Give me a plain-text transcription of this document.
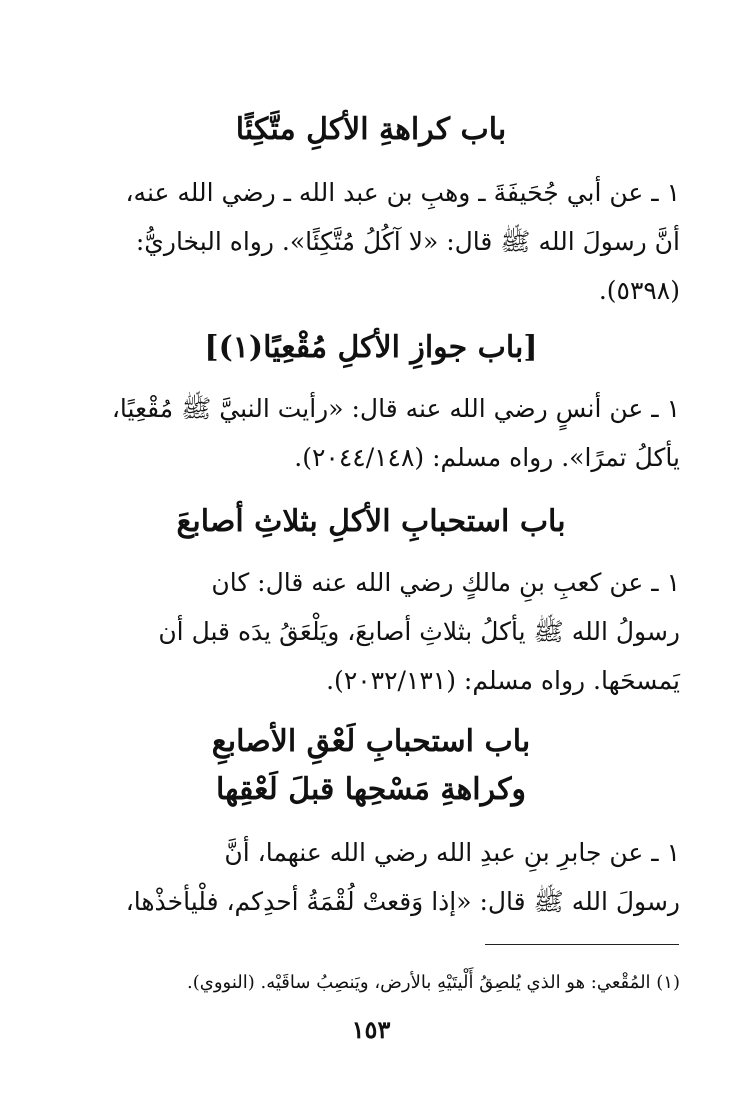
باب كراهةِ الأكلِ متَّكِئًا

١ ـ عن أبي جُحَيفَةَ ـ وهبِ بن عبد الله ـ رضي الله عنه،

أنَّ رسولَ الله ﷺ قال: «لا آكُلُ مُتَّكِئًا». رواه البخاريُّ:

(٥٣٩٨).

[باب جوازِ الأكلِ مُقْعِيًا(١)]

١ ـ عن أنسٍ رضي الله عنه قال: «رأيت النبيَّ ﷺ مُقْعِيًا،

يأكلُ تمرًا». رواه مسلم: (٢٠٤٤/١٤٨).

باب استحبابِ الأكلِ بثلاثِ أصابعَ

١ ـ عن كعبِ بنِ مالكٍ رضي الله عنه قال: كان

رسولُ الله ﷺ يأكلُ بثلاثِ أصابعَ، ويَلْعَقُ يدَه قبل أن

يَمسحَها. رواه مسلم: (٢٠٣٢/١٣١).

باب استحبابِ لَعْقِ الأصابعِ
وكراهةِ مَسْحِها قبلَ لَعْقِها

١ ـ عن جابرِ بنِ عبدِ الله رضي الله عنهما، أنَّ

رسولَ الله ﷺ قال: «إذا وَقعتْ لُقْمَةُ أحدِكم، فلْيأخذْها،

(١) المُقْعي: هو الذي يُلصِقُ أَلْيتَيْهِ بالأرض، ويَنصِبُ ساقَيْه. (النووي).
١٥٣
